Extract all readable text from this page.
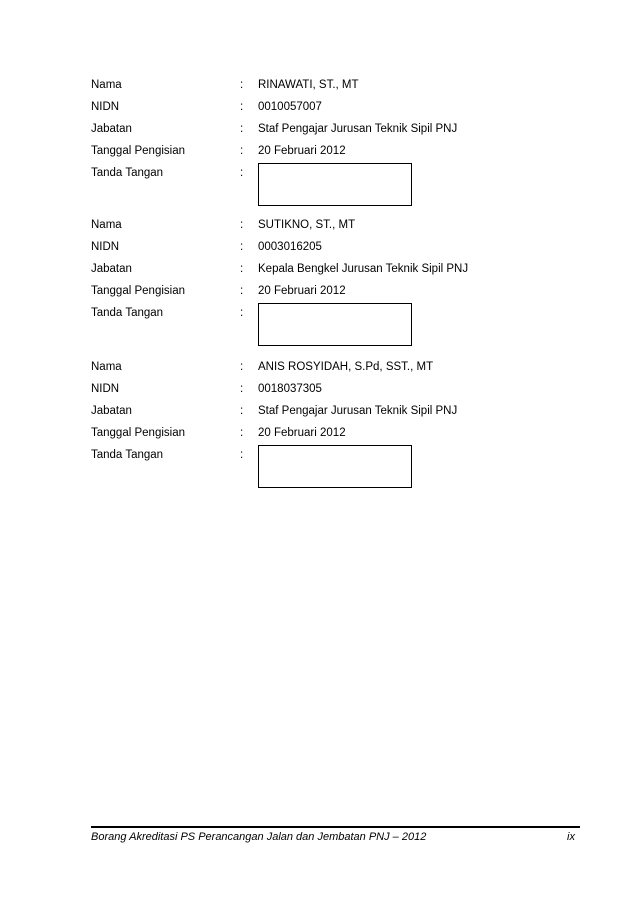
Nama	: RINAWATI, ST., MT
NIDN	: 0010057007
Jabatan	: Staf Pengajar Jurusan Teknik Sipil PNJ
Tanggal Pengisian	: 20 Februari 2012
Tanda Tangan	:
Nama	: SUTIKNO, ST., MT
NIDN	: 0003016205
Jabatan	: Kepala Bengkel Jurusan Teknik Sipil PNJ
Tanggal Pengisian	: 20 Februari 2012
Tanda Tangan	:
Nama	: ANIS ROSYIDAH, S.Pd, SST., MT
NIDN	: 0018037305
Jabatan	: Staf Pengajar Jurusan Teknik Sipil PNJ
Tanggal Pengisian	: 20 Februari 2012
Tanda Tangan	:
Borang Akreditasi PS Perancangan Jalan dan Jembatan PNJ – 2012	ix
